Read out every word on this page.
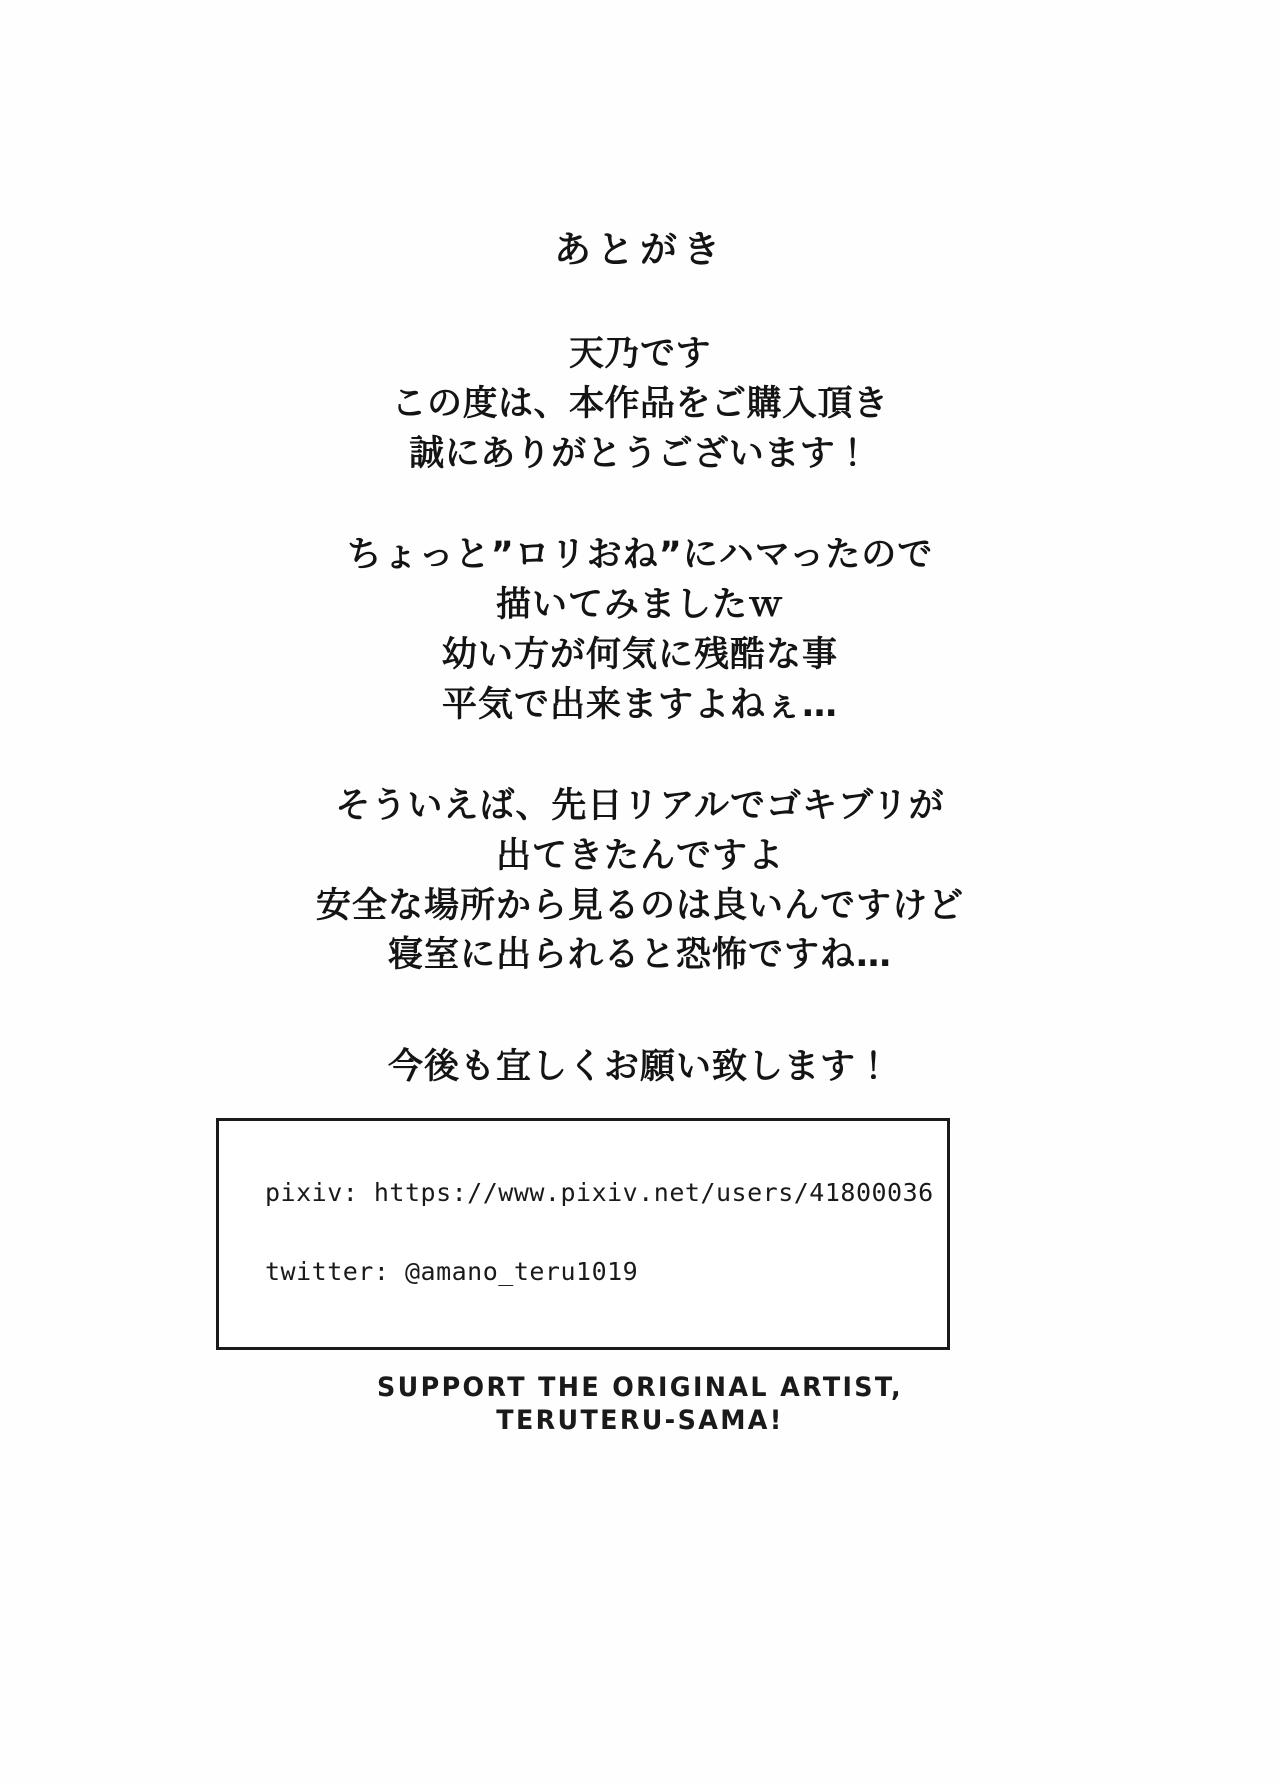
あとがき
天乃です
この度は、本作品をご購入頂き
誠にありがとうございます！
ちょっと”ロリおね”にハマったので
描いてみましたｗ
幼い方が何気に残酷な事
平気で出来ますよねぇ…
そういえば、先日リアルでゴキブリが
出てきたんですよ
安全な場所から見るのは良いんですけど
寝室に出られると恐怖ですね…
今後も宜しくお願い致します！
pixiv: https://www.pixiv.net/users/41800036
twitter: @amano_teru1019
SUPPORT THE ORIGINAL ARTIST,
TERUTERU-SAMA!
